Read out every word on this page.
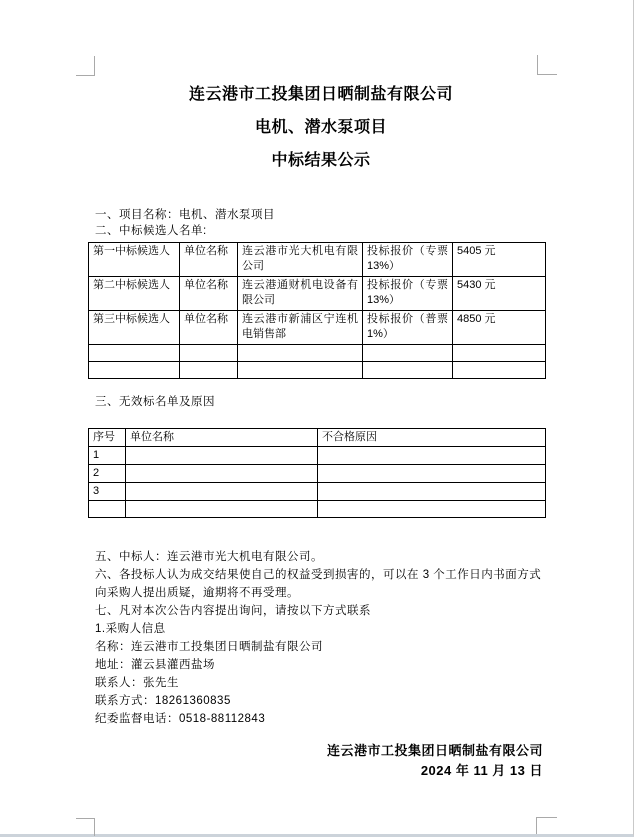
连云港市工投集团日晒制盐有限公司
电机、潜水泵项目
中标结果公示
一、项目名称：电机、潜水泵项目
二、中标候选人名单:
第一中标候选人	单位名称	连云港市光大机电有限公司	投标报价（专票13%）	5405 元
第二中标候选人	单位名称	连云港通财机电设备有限公司	投标报价（专票13%）	5430 元
第三中标候选人	单位名称	连云港市新浦区宁连机电销售部	投标报价（普票1%）	4850 元

三、无效标名单及原因
序号	单位名称	不合格原因
1		
2		
3		

五、中标人：连云港市光大机电有限公司。
六、各投标人认为成交结果使自己的权益受到损害的，可以在 3 个工作日内书面方式向采购人提出质疑，逾期将不再受理。
七、凡对本次公告内容提出询问，请按以下方式联系
1.采购人信息
名称：连云港市工投集团日晒制盐有限公司
地址：灌云县灌西盐场
联系人：张先生
联系方式：18261360835
纪委监督电话：0518-88112843
连云港市工投集团日晒制盐有限公司
2024 年 11 月 13 日
